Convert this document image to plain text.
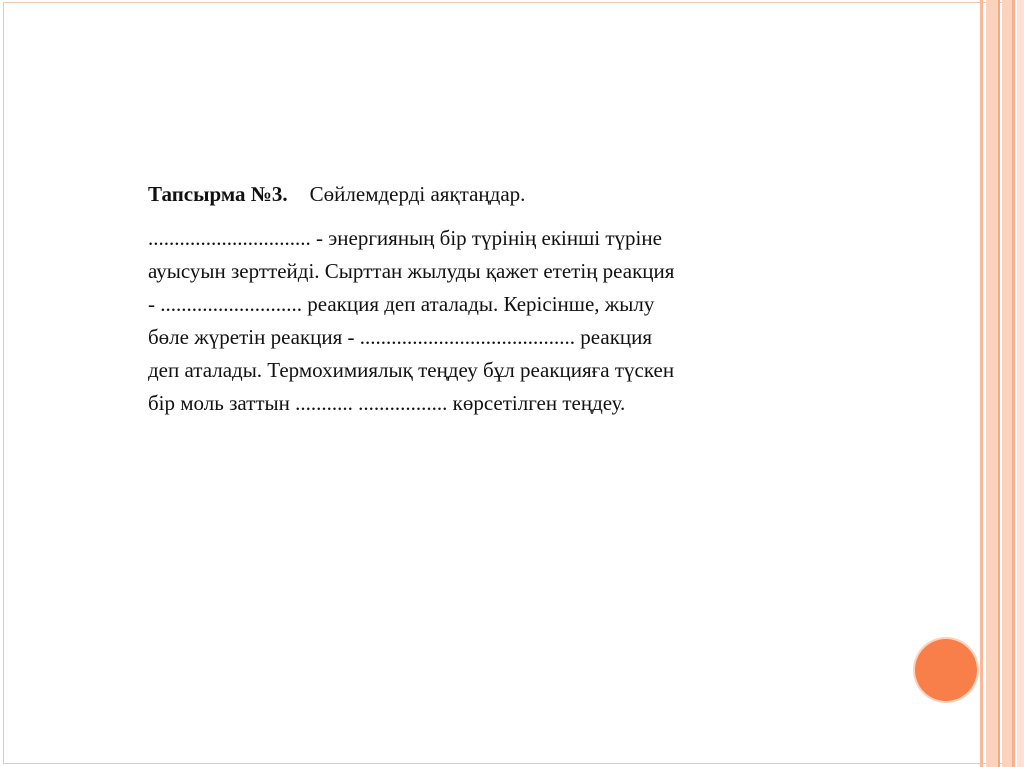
Тапсырма №3. Сөйлемдерді аяқтаңдар.
............................... - энергияның бір түрінің екінші түріне
ауысуын зерттейді. Сырттан жылуды қажет ететің реакция
- ........................... реакция деп аталады. Керісінше, жылу
бөле жүретін реакция - ......................................... реакция
деп аталады. Термохимиялық теңдеу бұл реакцияға түскен
бір моль заттын ........... ................. көрсетілген теңдеу.
